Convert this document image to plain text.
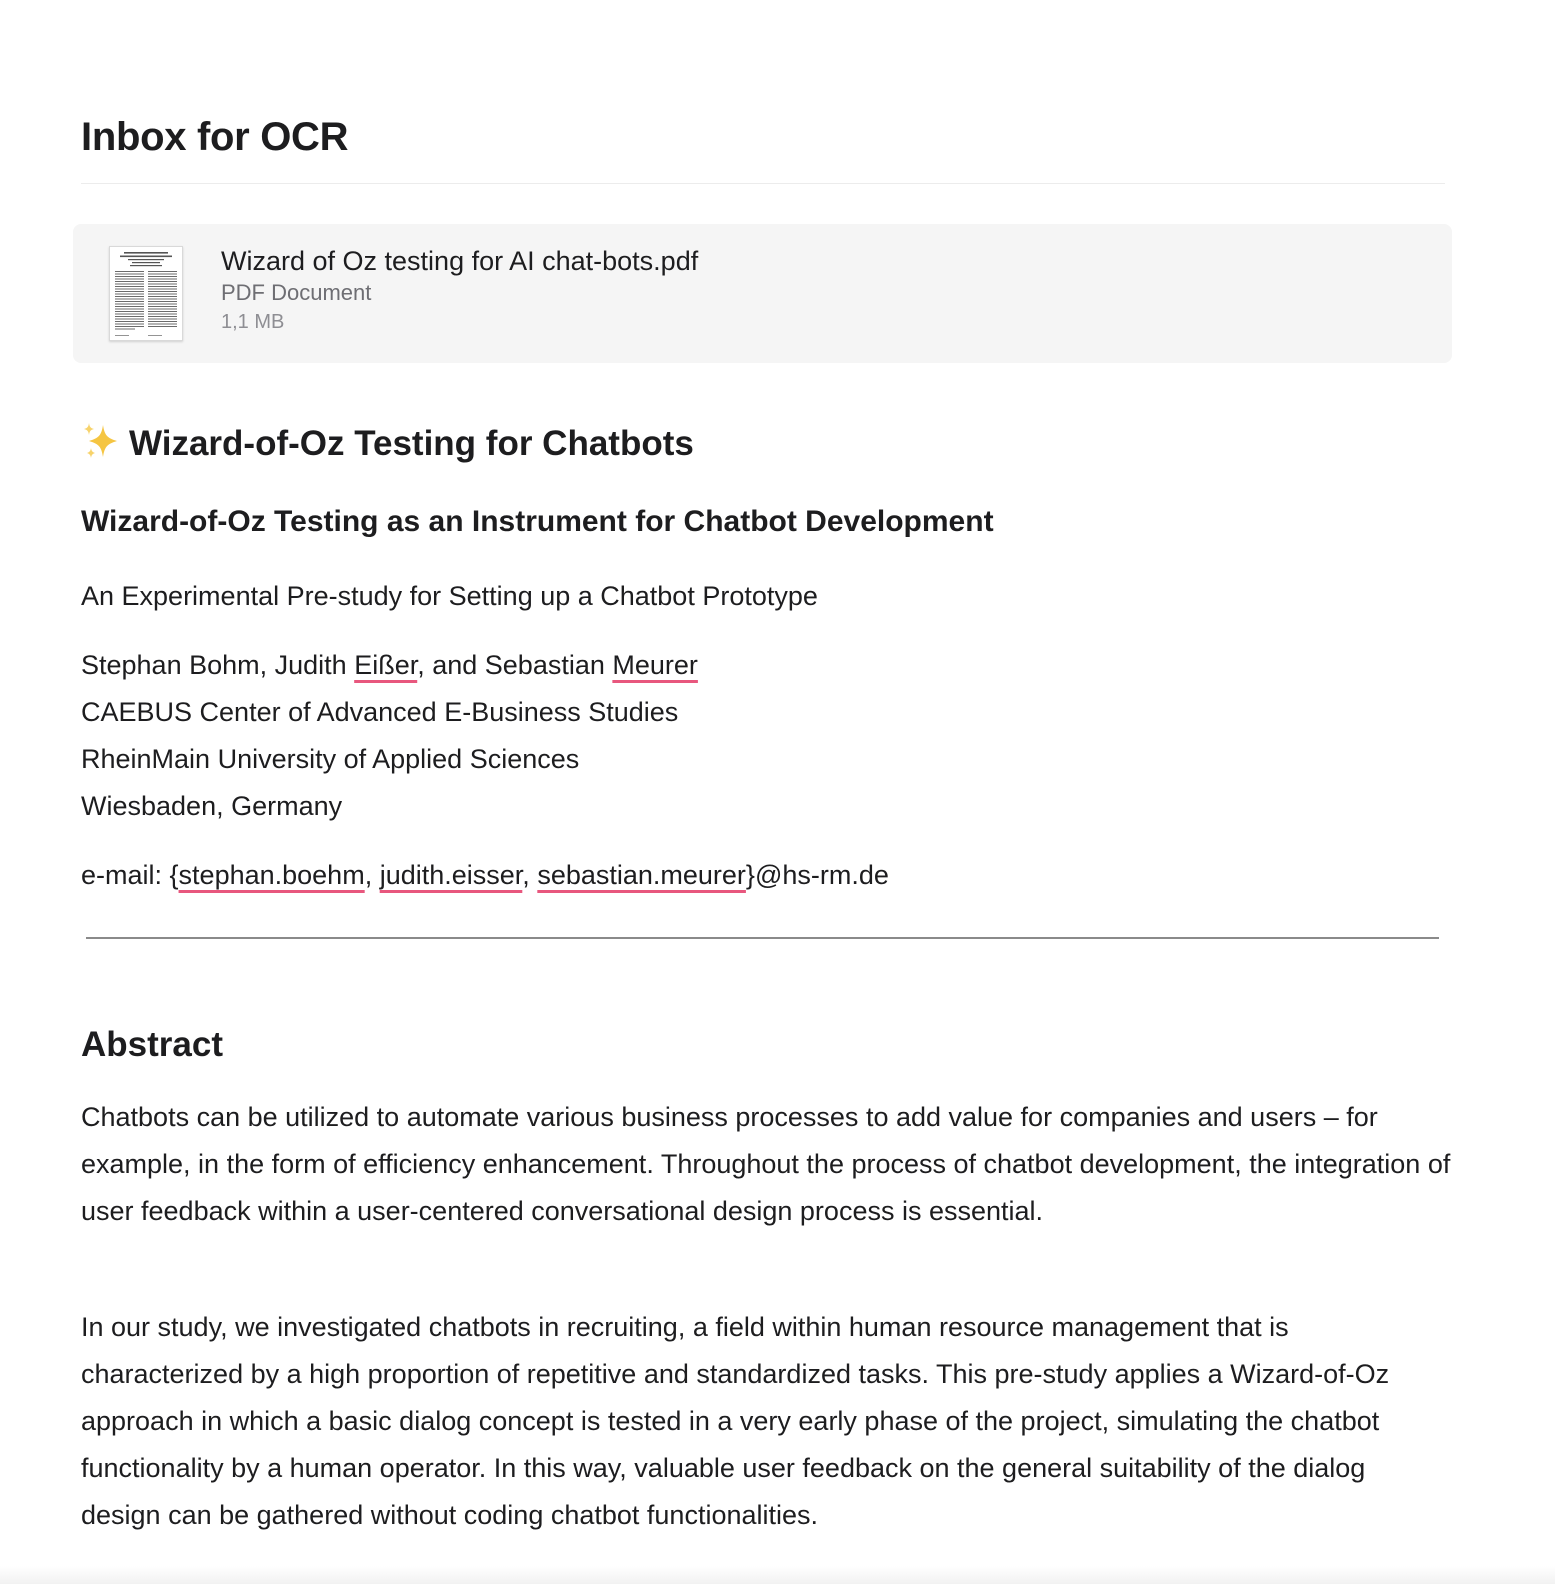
Inbox for OCR
Wizard of Oz testing for AI chat-bots.pdf
PDF Document
1,1 MB
Wizard-of-Oz Testing for Chatbots
Wizard-of-Oz Testing as an Instrument for Chatbot Development

An Experimental Pre-study for Setting up a Chatbot Prototype

Stephan Bohm, Judith Eißer, and Sebastian Meurer

CAEBUS Center of Advanced E-Business Studies

RheinMain University of Applied Sciences

Wiesbaden, Germany

e-mail: {stephan.boehm, judith.eisser, sebastian.meurer}@hs-rm.de

Abstract

Chatbots can be utilized to automate various business processes to add value for companies and users – for example, in the form of efficiency enhancement. Throughout the process of chatbot development, the integration of user feedback within a user-centered conversational design process is essential.

In our study, we investigated chatbots in recruiting, a field within human resource management that is characterized by a high proportion of repetitive and standardized tasks. This pre-study applies a Wizard-of-Oz approach in which a basic dialog concept is tested in a very early phase of the project, simulating the chatbot functionality by a human operator. In this way, valuable user feedback on the general suitability of the dialog design can be gathered without coding chatbot functionalities.
